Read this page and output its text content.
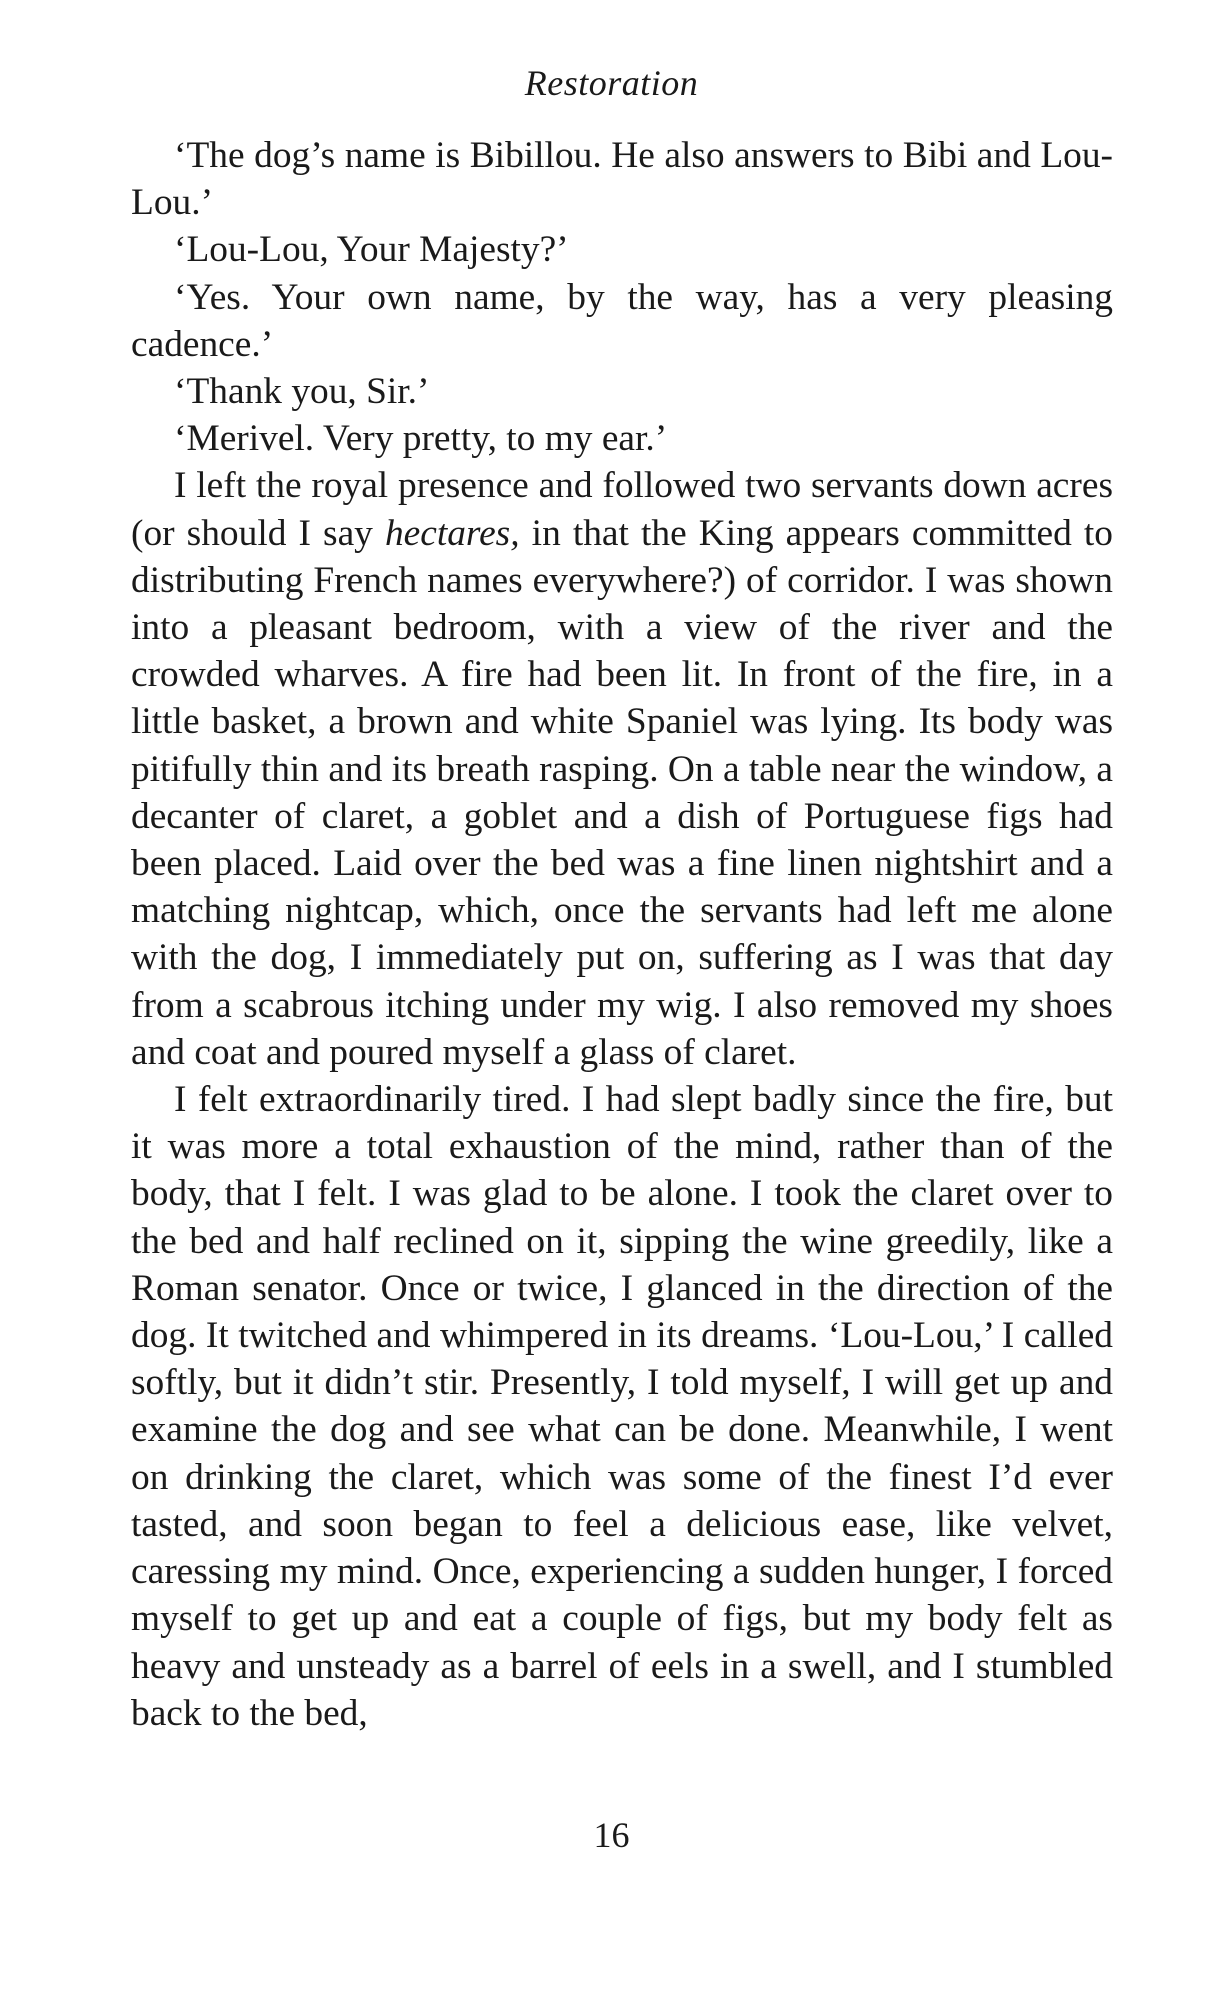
Restoration

‘The dog’s name is Bibillou. He also answers to Bibi and Lou-Lou.’

‘Lou-Lou, Your Majesty?’

‘Yes. Your own name, by the way, has a very pleasing cadence.’

‘Thank you, Sir.’

‘Merivel. Very pretty, to my ear.’

I left the royal presence and followed two servants down acres (or should I say hectares, in that the King appears committed to distributing French names everywhere?) of corridor. I was shown into a pleasant bedroom, with a view of the river and the crowded wharves. A fire had been lit. In front of the fire, in a little basket, a brown and white Spaniel was lying. Its body was pitifully thin and its breath rasping. On a table near the window, a decanter of claret, a goblet and a dish of Portuguese figs had been placed. Laid over the bed was a fine linen nightshirt and a matching nightcap, which, once the servants had left me alone with the dog, I immediately put on, suffering as I was that day from a scabrous itching under my wig. I also removed my shoes and coat and poured myself a glass of claret.

I felt extraordinarily tired. I had slept badly since the fire, but it was more a total exhaustion of the mind, rather than of the body, that I felt. I was glad to be alone. I took the claret over to the bed and half reclined on it, sipping the wine greedily, like a Roman senator. Once or twice, I glanced in the direction of the dog. It twitched and whimpered in its dreams. ‘Lou-Lou,’ I called softly, but it didn’t stir. Presently, I told myself, I will get up and examine the dog and see what can be done. Meanwhile, I went on drinking the claret, which was some of the finest I’d ever tasted, and soon began to feel a delicious ease, like velvet, caressing my mind. Once, experiencing a sudden hunger, I forced myself to get up and eat a couple of figs, but my body felt as heavy and unsteady as a barrel of eels in a swell, and I stumbled back to the bed,

16
